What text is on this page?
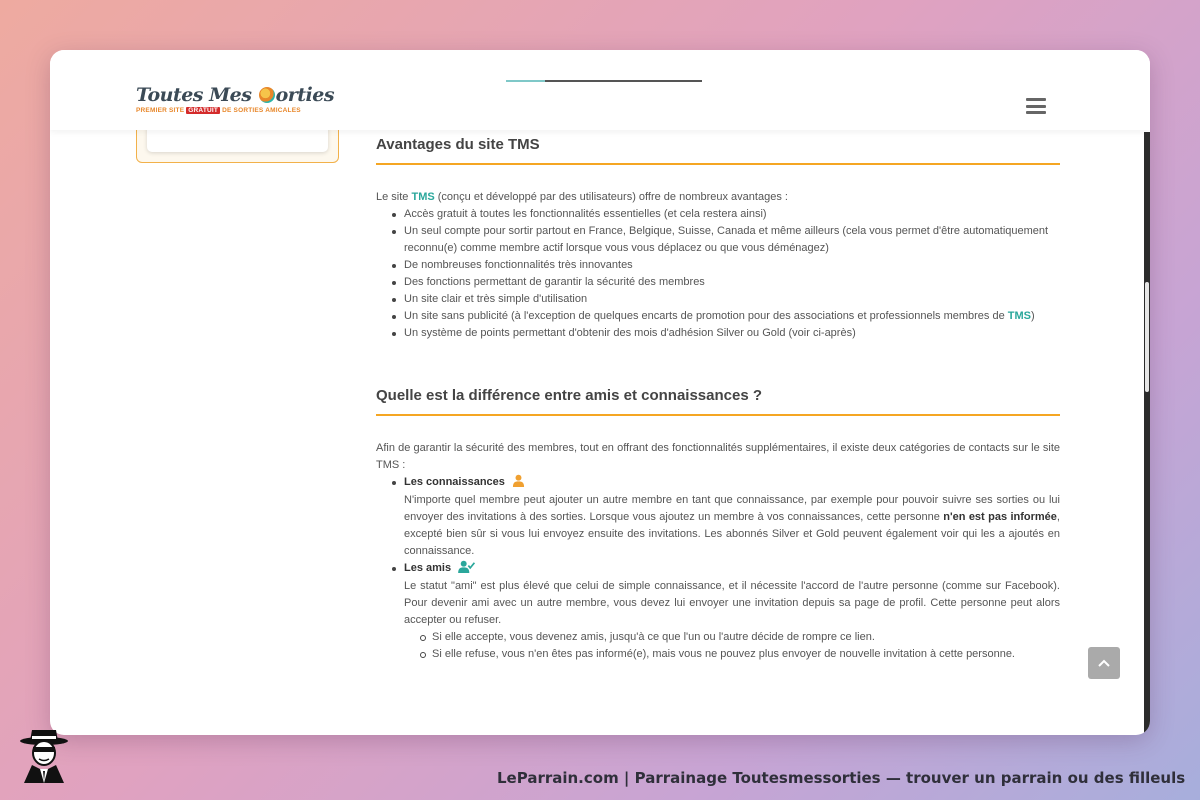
Toutes Mes orties
PREMIER SITE GRATUIT DE SORTIES AMICALES
Avantages du site TMS

Le site TMS (conçu et développé par des utilisateurs) offre de nombreux avantages :

Accès gratuit à toutes les fonctionnalités essentielles (et cela restera ainsi)
Un seul compte pour sortir partout en France, Belgique, Suisse, Canada et même ailleurs (cela vous permet d'être automatiquement reconnu(e) comme membre actif lorsque vous vous déplacez ou que vous déménagez)
De nombreuses fonctionnalités très innovantes
Des fonctions permettant de garantir la sécurité des membres
Un site clair et très simple d'utilisation
Un site sans publicité (à l'exception de quelques encarts de promotion pour des associations et professionnels membres de TMS)
Un système de points permettant d'obtenir des mois d'adhésion Silver ou Gold (voir ci-après)
Quelle est la différence entre amis et connaissances ?

Afin de garantir la sécurité des membres, tout en offrant des fonctionnalités supplémentaires, il existe deux catégories de contacts sur le site TMS :

Les connaissances
N'importe quel membre peut ajouter un autre membre en tant que connaissance, par exemple pour pouvoir suivre ses sorties ou lui envoyer des invitations à des sorties. Lorsque vous ajoutez un membre à vos connaissances, cette personne n'en est pas informée, excepté bien sûr si vous lui envoyez ensuite des invitations. Les abonnés Silver et Gold peuvent également voir qui les a ajoutés en connaissance.
Les amis
Le statut "ami" est plus élevé que celui de simple connaissance, et il nécessite l'accord de l'autre personne (comme sur Facebook). Pour devenir ami avec un autre membre, vous devez lui envoyer une invitation depuis sa page de profil. Cette personne peut alors accepter ou refuser.
Si elle accepte, vous devenez amis, jusqu'à ce que l'un ou l'autre décide de rompre ce lien.
Si elle refuse, vous n'en êtes pas informé(e), mais vous ne pouvez plus envoyer de nouvelle invitation à cette personne.
LeParrain.com | Parrainage Toutesmessorties — trouver un parrain ou des filleuls
